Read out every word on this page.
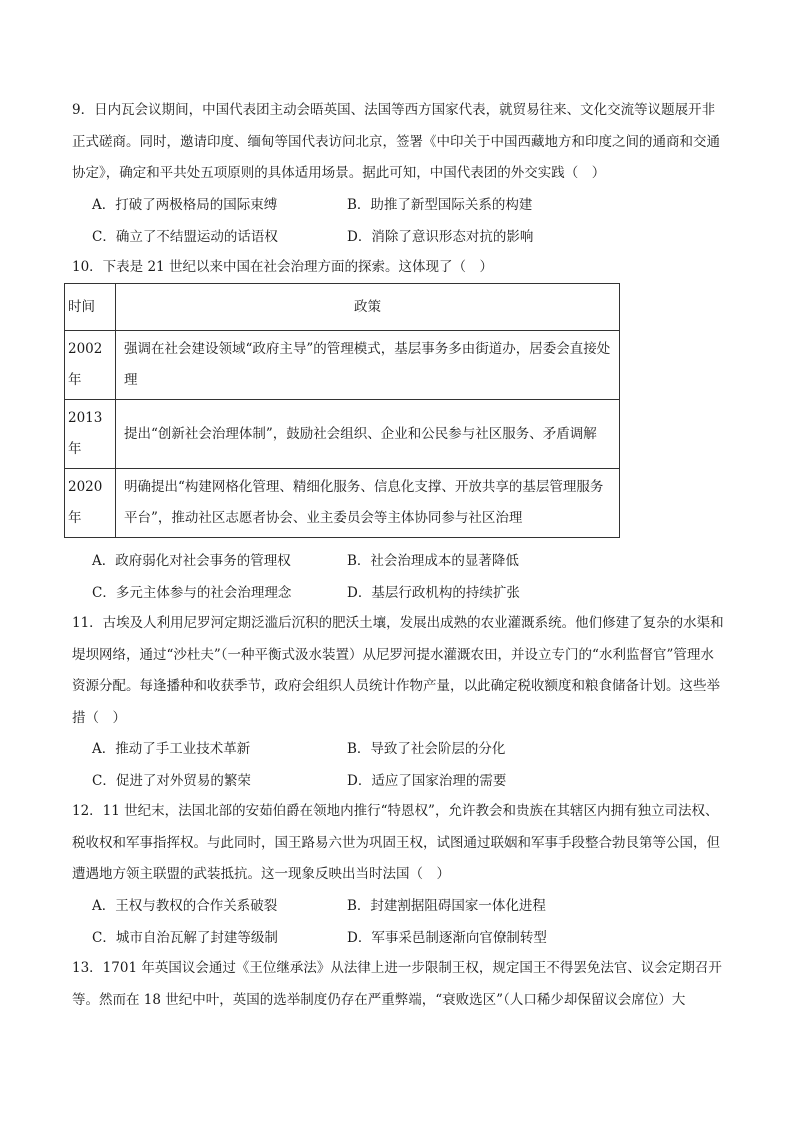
9．日内瓦会议期间，中国代表团主动会晤英国、法国等西方国家代表，就贸易往来、文化交流等议题展开非正式磋商。同时，邀请印度、缅甸等国代表访问北京，签署《中印关于中国西藏地方和印度之间的通商和交通协定》，确定和平共处五项原则的具体适用场景。据此可知，中国代表团的外交实践（　）

A．打破了两极格局的国际束缚	B．助推了新型国际关系的构建
C．确立了不结盟运动的话语权	D．消除了意识形态对抗的影响

10．下表是 21 世纪以来中国在社会治理方面的探索。这体现了（　）

时间	政策
2002年	强调在社会建设领域“政府主导”的管理模式，基层事务多由街道办，居委会直接处理
2013年	提出“创新社会治理体制”，鼓励社会组织、企业和公民参与社区服务、矛盾调解
2020年	明确提出“构建网格化管理、精细化服务、信息化支撑、开放共享的基层管理服务平台”，推动社区志愿者协会、业主委员会等主体协同参与社区治理
A．政府弱化对社会事务的管理权	B．社会治理成本的显著降低
C．多元主体参与的社会治理理念	D．基层行政机构的持续扩张

11．古埃及人利用尼罗河定期泛滥后沉积的肥沃土壤，发展出成熟的农业灌溉系统。他们修建了复杂的水渠和堤坝网络，通过“沙杜夫”（一种平衡式汲水装置）从尼罗河提水灌溉农田，并设立专门的“水利监督官”管理水资源分配。每逢播种和收获季节，政府会组织人员统计作物产量，以此确定税收额度和粮食储备计划。这些举措（　）

A．推动了手工业技术革新	B．导致了社会阶层的分化
C．促进了对外贸易的繁荣	D．适应了国家治理的需要

12．11 世纪末，法国北部的安茹伯爵在领地内推行“特恩权”，允许教会和贵族在其辖区内拥有独立司法权、税收权和军事指挥权。与此同时，国王路易六世为巩固王权，试图通过联姻和军事手段整合勃艮第等公国，但遭遇地方领主联盟的武装抵抗。这一现象反映出当时法国（　）

A．王权与教权的合作关系破裂	B．封建割据阻碍国家一体化进程
C．城市自治瓦解了封建等级制	D．军事采邑制逐渐向官僚制转型

13．1701 年英国议会通过《王位继承法》从法律上进一步限制王权，规定国王不得罢免法官、议会定期召开等。然而在 18 世纪中叶，英国的选举制度仍存在严重弊端，“衰败选区”（人口稀少却保留议会席位）大
